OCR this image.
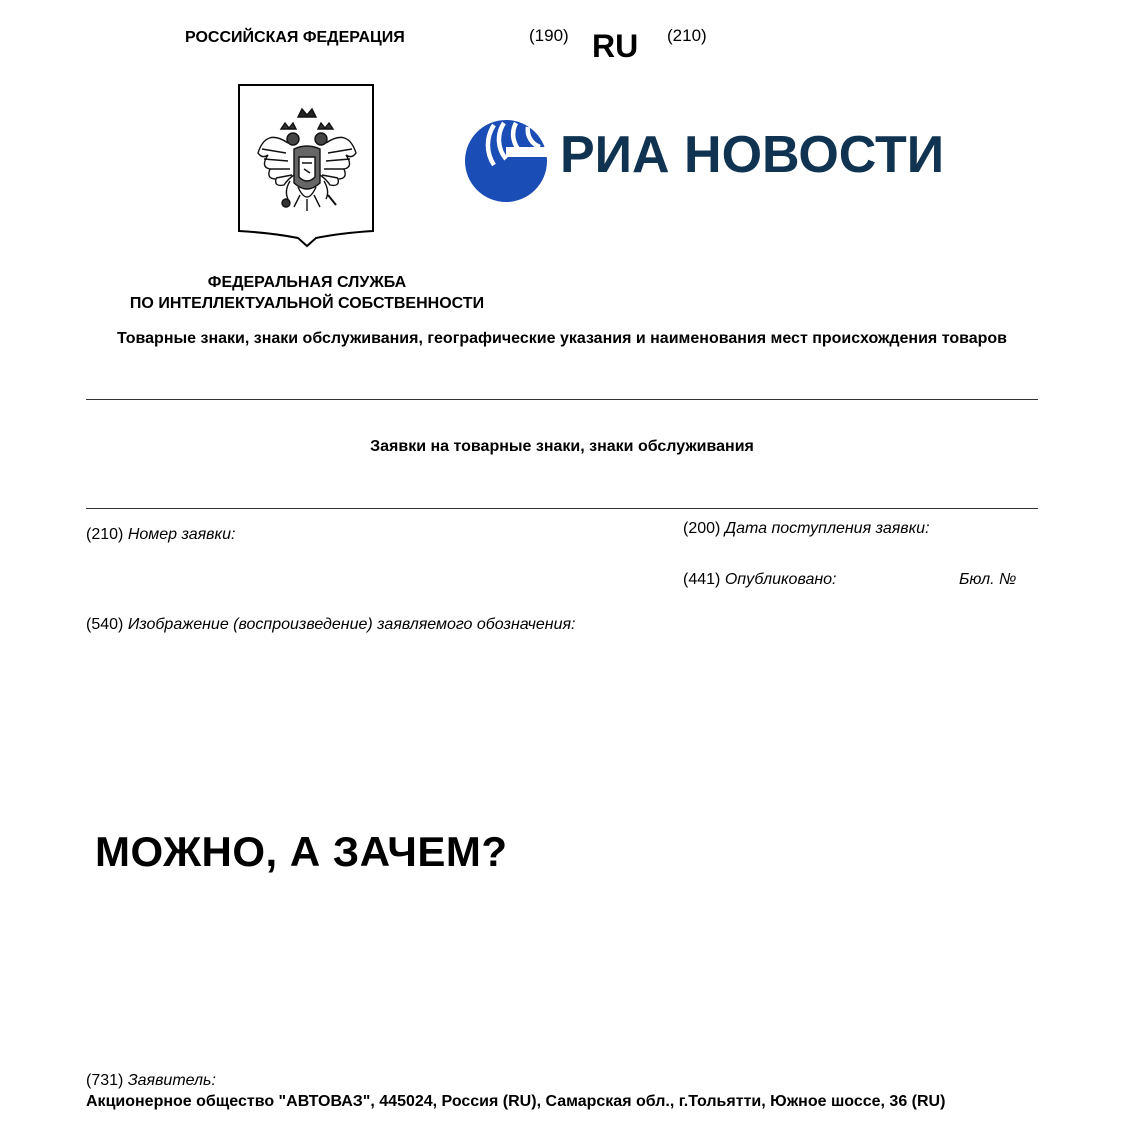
РОССИЙСКАЯ ФЕДЕРАЦИЯ	(190) RU (210)
РИА НОВОСТИ
ФЕДЕРАЛЬНАЯ СЛУЖБА
ПО ИНТЕЛЛЕКТУАЛЬНОЙ СОБСТВЕННОСТИ
Товарные знаки, знаки обслуживания, географические указания и наименования мест происхождения товаров
Заявки на товарные знаки, знаки обслуживания
(210) Номер заявки:	(200) Дата поступления заявки:
(441) Опубликовано:	Бюл. №
(540) Изображение (воспроизведение) заявляемого обозначения:
МОЖНО, А ЗАЧЕМ?
(731) Заявитель:
Акционерное общество "АВТОВАЗ", 445024, Россия (RU), Самарская обл., г.Тольятти, Южное шоссе, 36 (RU)
